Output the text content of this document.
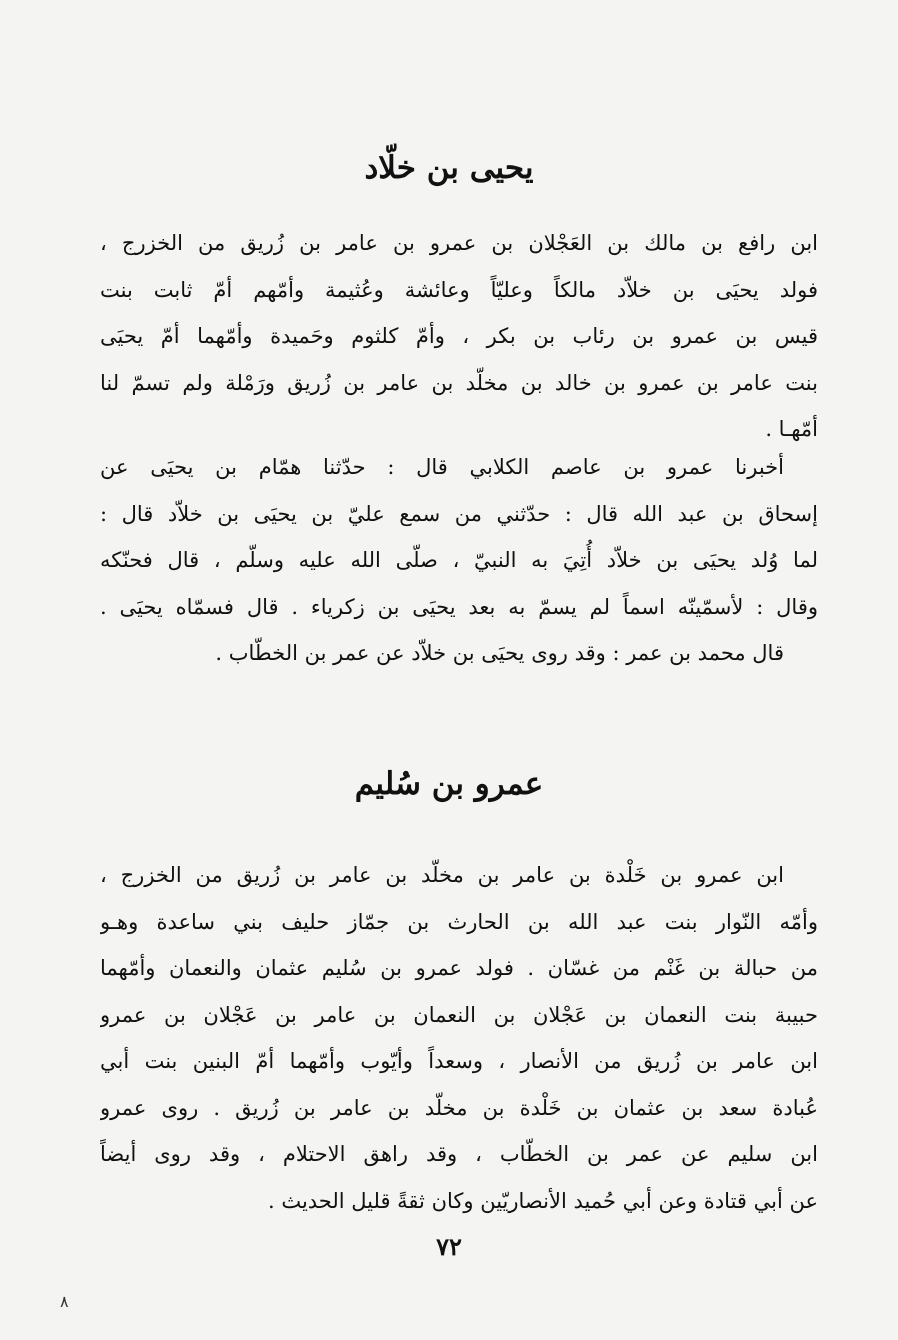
يحيى بن خلّاد
ابن رافع بن مالك بن العَجْلان بن عمرو بن عامر بن زُريق من الخزرج ،
فولد يحيَى بن خلاّد مالكاً وعليّاً وعائشة وعُثيمة وأمّهم أمّ ثابت بنت
قيس بن عمرو بن رئاب بن بكر ، وأمّ كلثوم وحَميدة وأمّهما أمّ يحيَى
بنت عامر بن عمرو بن خالد بن مخلّد بن عامر بن زُريق ورَمْلة ولم تسمّ لنا
أمّهـا .
أخبرنا عمرو بن عاصم الكلابي قال : حدّثنا همّام بن يحيَى عن
إسحاق بن عبد الله قال : حدّثني من سمع عليّ بن يحيَى بن خلاّد قال :
لما وُلد يحيَى بن خلاّد أُتِيَ به النبيّ ، صلّى الله عليه وسلّم ، قال فحنّكه
وقال : لأسمّينّه اسماً لم يسمّ به بعد يحيَى بن زكرياء . قال فسمّاه يحيَى .
قال محمد بن عمر : وقد روى يحيَى بن خلاّد عن عمر بن الخطّاب .
عمرو بن سُليم
ابن عمرو بن خَلْدة بن عامر بن مخلّد بن عامر بن زُريق من الخزرج ،
وأمّه النّوار بنت عبد الله بن الحارث بن جمّاز حليف بني ساعدة وهـو
من حبالة بن غَنْم من غسّان . فولد عمرو بن سُليم عثمان والنعمان وأمّهما
حبيبة بنت النعمان بن عَجْلان بن النعمان بن عامر بن عَجْلان بن عمرو
ابن عامر بن زُريق من الأنصار ، وسعداً وأيّوب وأمّهما أمّ البنين بنت أبي
عُبادة سعد بن عثمان بن خَلْدة بن مخلّد بن عامر بن زُريق . روى عمرو
ابن سليم عن عمر بن الخطّاب ، وقد راهق الاحتلام ، وقد روى أيضاً
عن أبي قتادة وعن أبي حُميد الأنصاريّين وكان ثقةً قليل الحديث .
٧٢
٨
